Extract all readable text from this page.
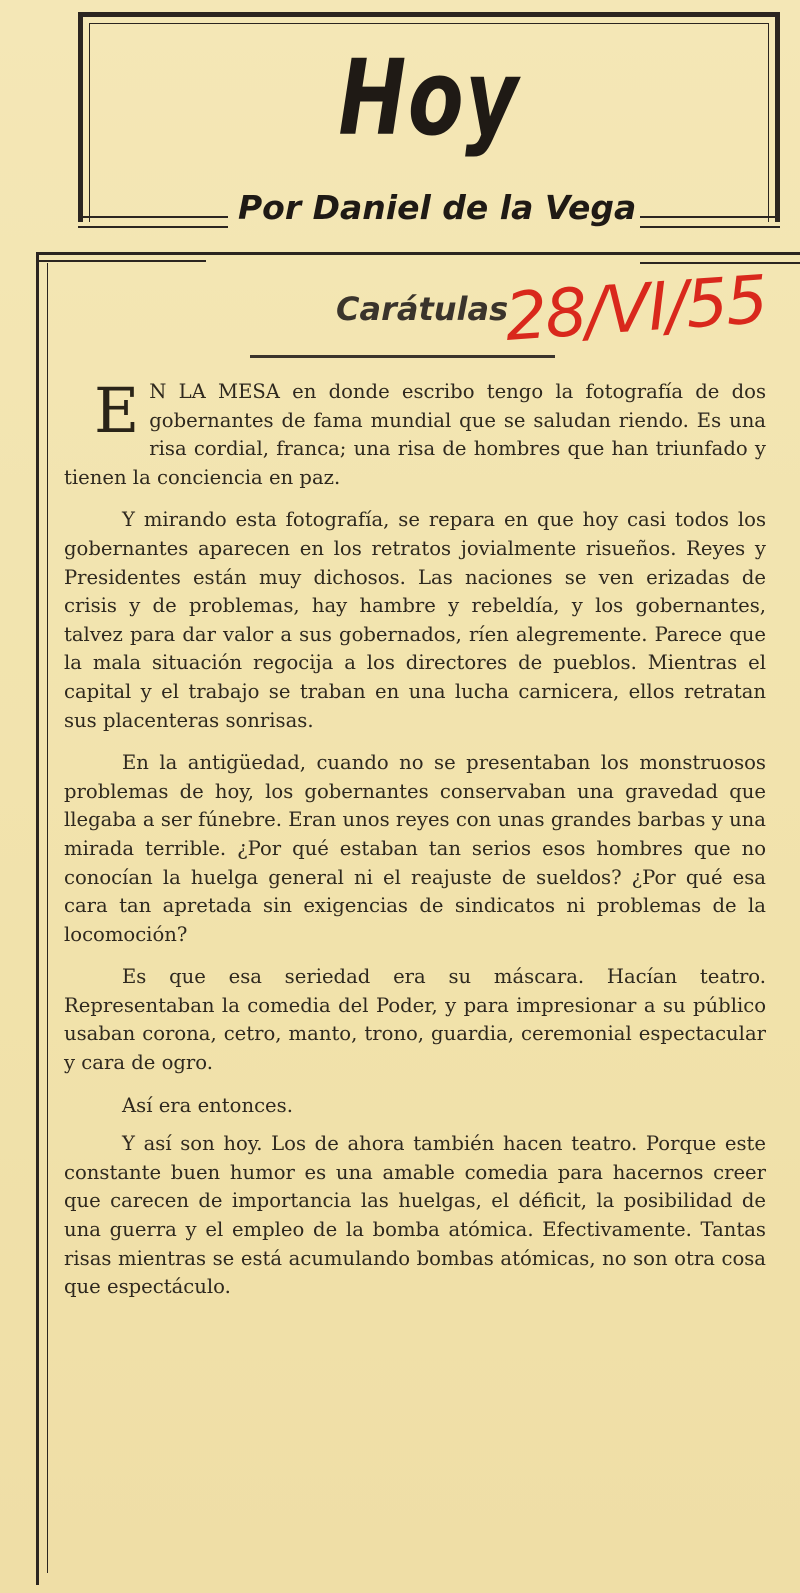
Hoy
Por Daniel de la Vega
Carátulas
28/VI/55

E N LA MESA en donde escribo tengo la fotografía de dos gobernantes de fama mundial que se saludan riendo. Es una risa cordial, franca; una risa de hombres que han triunfado y tienen la conciencia en paz.

Y mirando esta fotografía, se repara en que hoy casi todos los gobernantes aparecen en los retratos jovialmente risueños. Reyes y Presidentes están muy dichosos. Las naciones se ven erizadas de crisis y de problemas, hay hambre y rebeldía, y los gobernantes, talvez para dar valor a sus gobernados, ríen alegremente. Parece que la mala situación regocija a los directores de pueblos. Mientras el capital y el trabajo se traban en una lucha carnicera, ellos retratan sus placenteras sonrisas.

En la antigüedad, cuando no se presentaban los monstruosos problemas de hoy, los gobernantes conservaban una gravedad que llegaba a ser fúnebre. Eran unos reyes con unas grandes barbas y una mirada terrible. ¿Por qué estaban tan serios esos hombres que no conocían la huelga general ni el reajuste de sueldos? ¿Por qué esa cara tan apretada sin exigencias de sindicatos ni problemas de la locomoción?

Es que esa seriedad era su máscara. Hacían teatro. Representaban la comedia del Poder, y para impresionar a su público usaban corona, cetro, manto, trono, guardia, ceremonial espectacular y cara de ogro.

Así era entonces.

Y así son hoy. Los de ahora también hacen teatro. Porque este constante buen humor es una amable comedia para hacernos creer que carecen de importancia las huelgas, el déficit, la posibilidad de una guerra y el empleo de la bomba atómica. Efectivamente. Tantas risas mientras se está acumulando bombas atómicas, no son otra cosa que espectáculo.
